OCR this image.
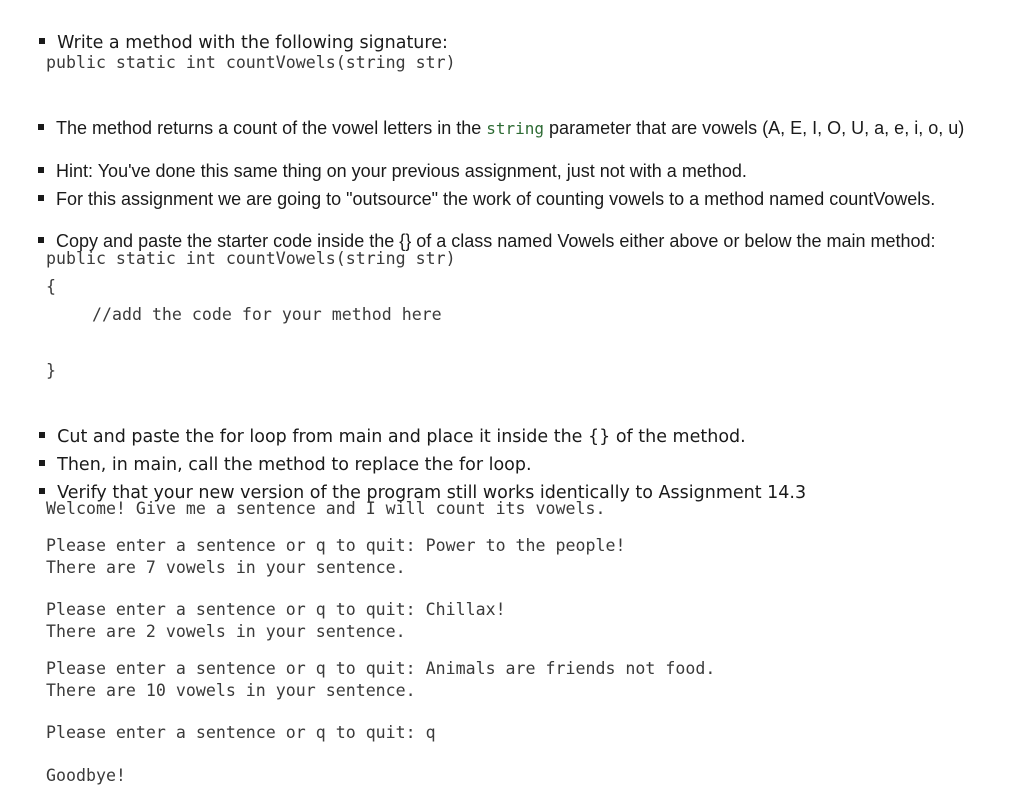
Write a method with the following signature:

public static int countVowels(string str)

The method returns a count of the vowel letters in the string parameter that are vowels (A, E, I, O, U, a, e, i, o, u)

Hint: You've done this same thing on your previous assignment, just not with a method.

For this assignment we are going to "outsource" the work of counting vowels to a method named countVowels.

Copy and paste the starter code inside the {} of a class named Vowels either above or below the main method:

public static int countVowels(string str)
{
//add the code for your method here
}

Cut and paste the for loop from main and place it inside the {} of the method.

Then, in main, call the method to replace the for loop.

Verify that your new version of the program still works identically to Assignment 14.3

Welcome! Give me a sentence and I will count its vowels.
Please enter a sentence or q to quit: Power to the people!
There are 7 vowels in your sentence.
Please enter a sentence or q to quit: Chillax!
There are 2 vowels in your sentence.
Please enter a sentence or q to quit: Animals are friends not food.
There are 10 vowels in your sentence.
Please enter a sentence or q to quit: q
Goodbye!
